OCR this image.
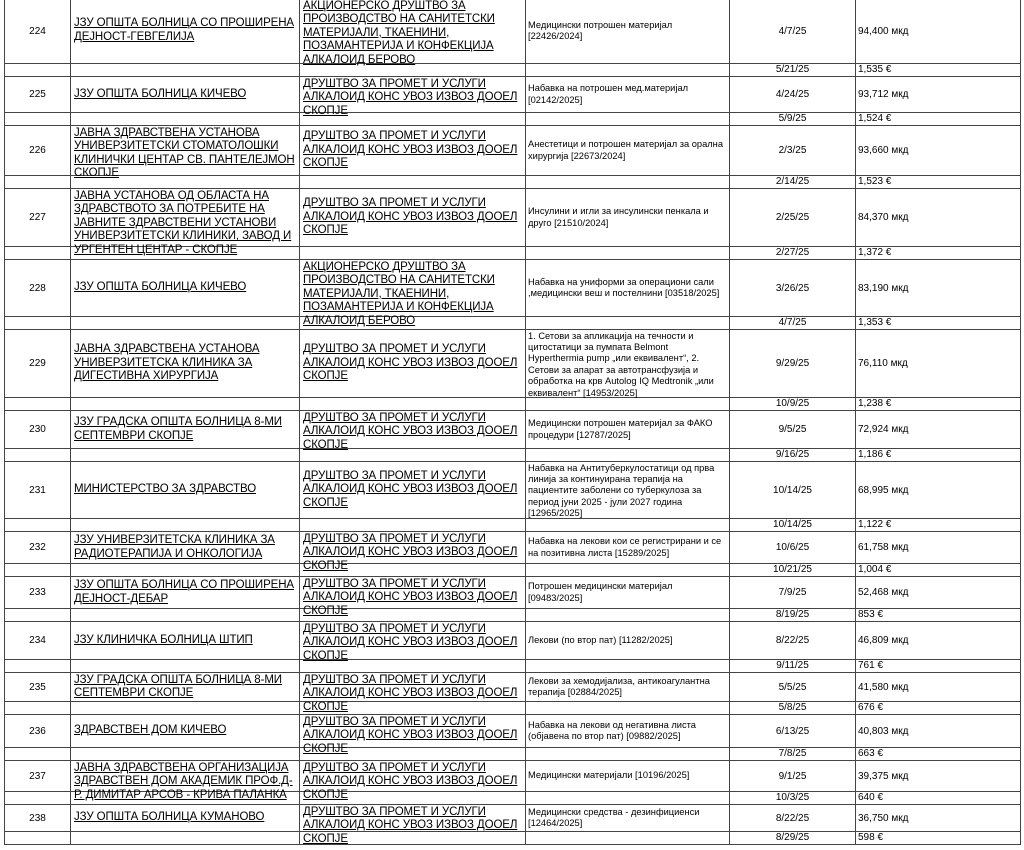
224	ЈЗУ ОПШТА БОЛНИЦА СО ПРОШИРЕНА ДЕЈНОСТ-ГЕВГЕЛИЈА	АКЦИОНЕРСКО ДРУШТВО ЗА ПРОИЗВОДСТВО НА САНИТЕТСКИ МАТЕРИЈАЛИ, ТКАЕНИНИ, ПОЗАМАНТЕРИЈА И КОНФЕКЦИЈА АЛКАЛОИД БЕРОВО	Медицински потрошен материјал [22426/2024]	4/7/25	94,400 мкд

				5/21/25	1,535 €

225	ЈЗУ ОПШТА БОЛНИЦА КИЧЕВО	ДРУШТВО ЗА ПРОМЕТ И УСЛУГИ АЛКАЛОИД КОНС УВОЗ ИЗВОЗ ДООЕЛ СКОПЈЕ	Набавка на потрошен мед.материјал [02142/2025]	4/24/25	93,712 мкд

				5/9/25	1,524 €

226	ЈАВНА ЗДРАВСТВЕНА УСТАНОВА УНИВЕРЗИТЕТСКИ СТОМАТОЛОШКИ КЛИНИЧКИ ЦЕНТАР СВ. ПАНТЕЛЕЈМОН СКОПЈЕ	ДРУШТВО ЗА ПРОМЕТ И УСЛУГИ АЛКАЛОИД КОНС УВОЗ ИЗВОЗ ДООЕЛ СКОПЈЕ	Анестетици и потрошен материјал за орална хирургија [22673/2024]	2/3/25	93,660 мкд

				2/14/25	1,523 €

227	ЈАВНА УСТАНОВА ОД ОБЛАСТА НА ЗДРАВСТВОТО ЗА ПОТРЕБИТЕ НА ЈАВНИТЕ ЗДРАВСТВЕНИ УСТАНОВИ УНИВЕРЗИТЕТСКИ КЛИНИКИ, ЗАВОД И УРГЕНТЕН ЦЕНТАР - СКОПЈЕ	ДРУШТВО ЗА ПРОМЕТ И УСЛУГИ АЛКАЛОИД КОНС УВОЗ ИЗВОЗ ДООЕЛ СКОПЈЕ	Инсулини и игли за инсулински пенкала и друго [21510/2024]	2/25/25	84,370 мкд

				2/27/25	1,372 €

228	ЈЗУ ОПШТА БОЛНИЦА КИЧЕВО	АКЦИОНЕРСКО ДРУШТВО ЗА ПРОИЗВОДСТВО НА САНИТЕТСКИ МАТЕРИЈАЛИ, ТКАЕНИНИ, ПОЗАМАНТЕРИЈА И КОНФЕКЦИЈА АЛКАЛОИД БЕРОВО	Набавка на униформи за операциони сали ,медицински веш и постелнини [03518/2025]	3/26/25	83,190 мкд

				4/7/25	1,353 €

229	ЈАВНА ЗДРАВСТВЕНА УСТАНОВА УНИВЕРЗИТЕТСКА КЛИНИКА ЗА ДИГЕСТИВНА ХИРУРГИЈА	ДРУШТВО ЗА ПРОМЕТ И УСЛУГИ АЛКАЛОИД КОНС УВОЗ ИЗВОЗ ДООЕЛ СКОПЈЕ	1. Сетови за апликација на течности и цитостатици за пумпата Belmont Hyperthermia pump „или еквивалент“, 2. Сетови за апарат за автотрансфузија и обработка на крв Autolog IQ Medtronik „или еквивалент“ [14953/2025]	9/29/25	76,110 мкд

				10/9/25	1,238 €

230	ЈЗУ ГРАДСКА ОПШТА БОЛНИЦА 8-МИ СЕПТЕМВРИ СКОПЈЕ	ДРУШТВО ЗА ПРОМЕТ И УСЛУГИ АЛКАЛОИД КОНС УВОЗ ИЗВОЗ ДООЕЛ СКОПЈЕ	Медицински потрошен материјал за ФАКО процедури [12787/2025]	9/5/25	72,924 мкд

				9/16/25	1,186 €

231	МИНИСТЕРСТВО ЗА ЗДРАВСТВО	ДРУШТВО ЗА ПРОМЕТ И УСЛУГИ АЛКАЛОИД КОНС УВОЗ ИЗВОЗ ДООЕЛ СКОПЈЕ	Набавка на Антитуберкулостатици од прва линија за континуирана терапија на пациентите заболени со туберкулоза за период јуни 2025 - јули 2027 година [12965/2025]	10/14/25	68,995 мкд

				10/14/25	1,122 €

232	ЈЗУ УНИВЕРЗИТЕТСКА КЛИНИКА ЗА РАДИОТЕРАПИЈА И ОНКОЛОГИЈА	ДРУШТВО ЗА ПРОМЕТ И УСЛУГИ АЛКАЛОИД КОНС УВОЗ ИЗВОЗ ДООЕЛ СКОПЈЕ	Набавка на лекови кои се регистрирани и се на позитивна листа [15289/2025]	10/6/25	61,758 мкд

				10/21/25	1,004 €

233	ЈЗУ ОПШТА БОЛНИЦА СО ПРОШИРЕНА ДЕЈНОСТ-ДЕБАР	ДРУШТВО ЗА ПРОМЕТ И УСЛУГИ АЛКАЛОИД КОНС УВОЗ ИЗВОЗ ДООЕЛ СКОПЈЕ	Потрошен медицински материјал [09483/2025]	7/9/25	52,468 мкд

				8/19/25	853 €

234	ЈЗУ КЛИНИЧКА БОЛНИЦА ШТИП	ДРУШТВО ЗА ПРОМЕТ И УСЛУГИ АЛКАЛОИД КОНС УВОЗ ИЗВОЗ ДООЕЛ СКОПЈЕ	Лекови (по втор пат) [11282/2025]	8/22/25	46,809 мкд

				9/11/25	761 €

235	ЈЗУ ГРАДСКА ОПШТА БОЛНИЦА 8-МИ СЕПТЕМВРИ СКОПЈЕ	ДРУШТВО ЗА ПРОМЕТ И УСЛУГИ АЛКАЛОИД КОНС УВОЗ ИЗВОЗ ДООЕЛ СКОПЈЕ	Лекови за хемодијализа, антикоагулантна терапија [02884/2025]	5/5/25	41,580 мкд

				5/8/25	676 €

236	ЗДРАВСТВЕН ДОМ КИЧЕВО	ДРУШТВО ЗА ПРОМЕТ И УСЛУГИ АЛКАЛОИД КОНС УВОЗ ИЗВОЗ ДООЕЛ СКОПЈЕ	Набавка на лекови од негативна листа (објавена по втор пат) [09882/2025]	6/13/25	40,803 мкд

				7/8/25	663 €

237	ЈАВНА ЗДРАВСТВЕНА ОРГАНИЗАЦИЈА ЗДРАВСТВЕН ДОМ АКАДЕМИК ПРОФ.Д-Р. ДИМИТАР АРСОВ - КРИВА ПАЛАНКА	ДРУШТВО ЗА ПРОМЕТ И УСЛУГИ АЛКАЛОИД КОНС УВОЗ ИЗВОЗ ДООЕЛ СКОПЈЕ	Медицински материјали [10196/2025]	9/1/25	39,375 мкд

				10/3/25	640 €

238	ЈЗУ ОПШТА БОЛНИЦА КУМАНОВО	ДРУШТВО ЗА ПРОМЕТ И УСЛУГИ АЛКАЛОИД КОНС УВОЗ ИЗВОЗ ДООЕЛ СКОПЈЕ	Медицински средства - дезинфициенси [12464/2025]	8/22/25	36,750 мкд

				8/29/25	598 €
